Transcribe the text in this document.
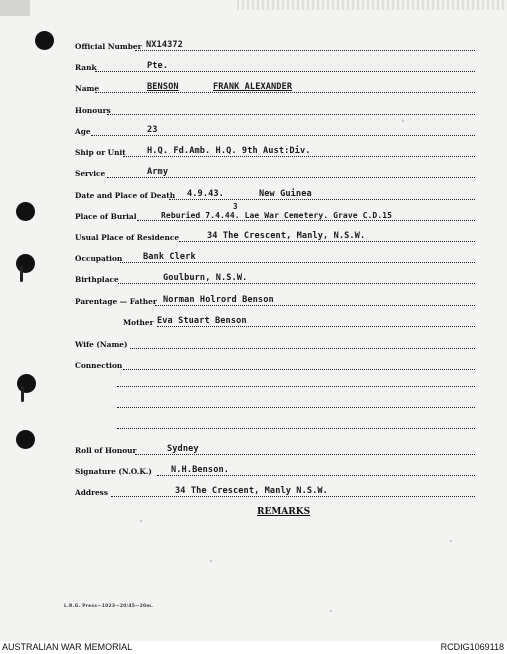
Official Number NX14372
Rank	Pte.
Name	BENSON	FRANK ALEXANDER
Honours
Age	23
Ship or Unit H.Q. Fd.Amb. H.Q. 9th Aust:Div.
Service	Army
Date and Place of Death 4.9.43.	New Guinea
Place of Burial	Reburied 7.4.44. Lae War Cemetery. Grave C.D.15
3
Usual Place of Residence	34 The Crescent, Manly, N.S.W.
Occupation Bank Clerk
Birthplace	Goulburn, N.S.W.
Parentage — Father Norman Holrord Benson
Mother Eva Stuart Benson
Wife (Name)
Connection
Roll of Honour	Sydney
Signature (N.O.K.) N.H.Benson.
Address	34 The Crescent, Manly N.S.W.
REMARKS
L.R.G. Press—1023—20/45—20m.
AUSTRALIAN WAR MEMORIAL	RCDIG1069118
